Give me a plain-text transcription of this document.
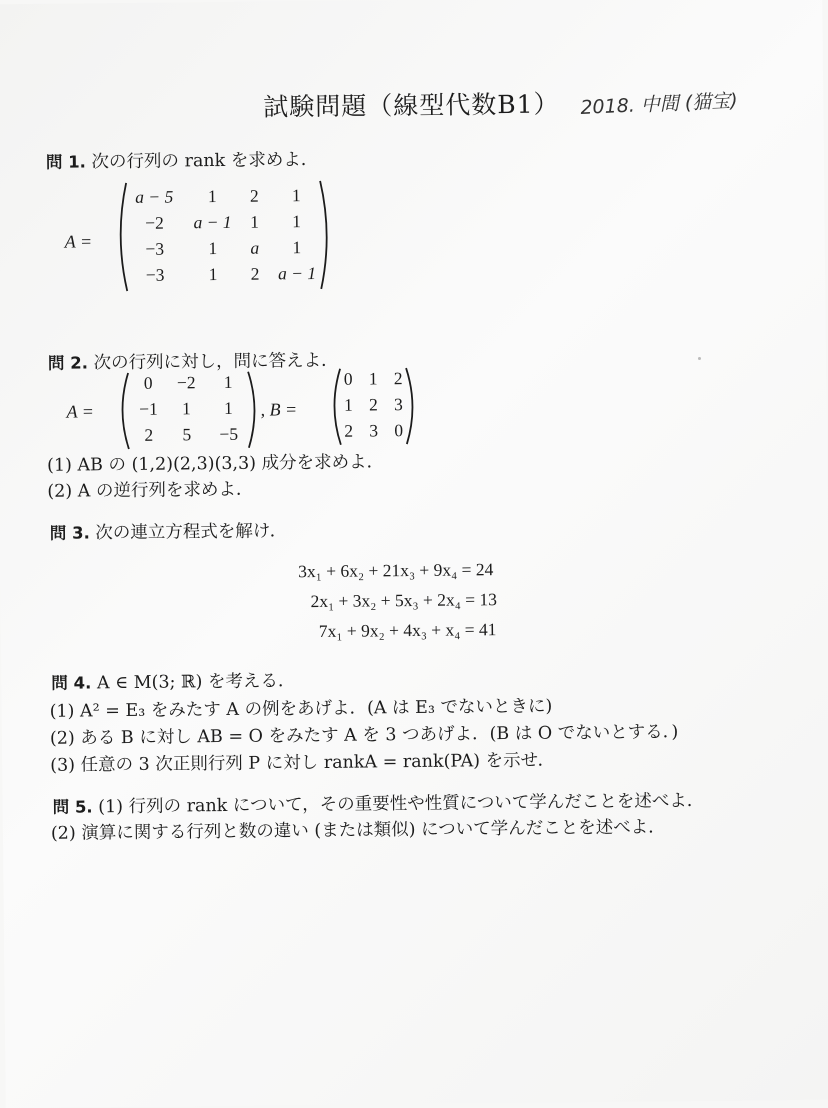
試験問題（線型代数B1） 2018. 中間 (猫宝)
問 1. 次の行列の rank を求めよ．
A =
a − 5	1	2	1
−2	a − 1	1	1
−3	1	a	1
−3	1	2	a − 1
問 2. 次の行列に対し，問に答えよ．
A =
0	−2	1
−1	1	1
2	5	−5
, B =
0 1 2
1 2 3
2 3 0
(1) AB の (1,2)(2,3)(3,3) 成分を求めよ．
(2) A の逆行列を求めよ．
問 3. 次の連立方程式を解け．
3x₁ + 6x₂ + 21x₃ + 9x₄ = 24
2x₁ + 3x₂ + 5x₃ + 2x₄ = 13
7x₁ + 9x₂ + 4x₃ + x₄ = 41
問 4. A ∈ M(3; ℝ) を考える．
(1) A² = E₃ をみたす A の例をあげよ．(A は E₃ でないときに)
(2) ある B に対し AB = O をみたす A を 3 つあげよ．(B は O でないとする．)
(3) 任意の 3 次正則行列 P に対し rankA = rank(PA) を示せ．
問 5. (1) 行列の rank について，その重要性や性質について学んだことを述べよ．
(2) 演算に関する行列と数の違い (または類似) について学んだことを述べよ．
